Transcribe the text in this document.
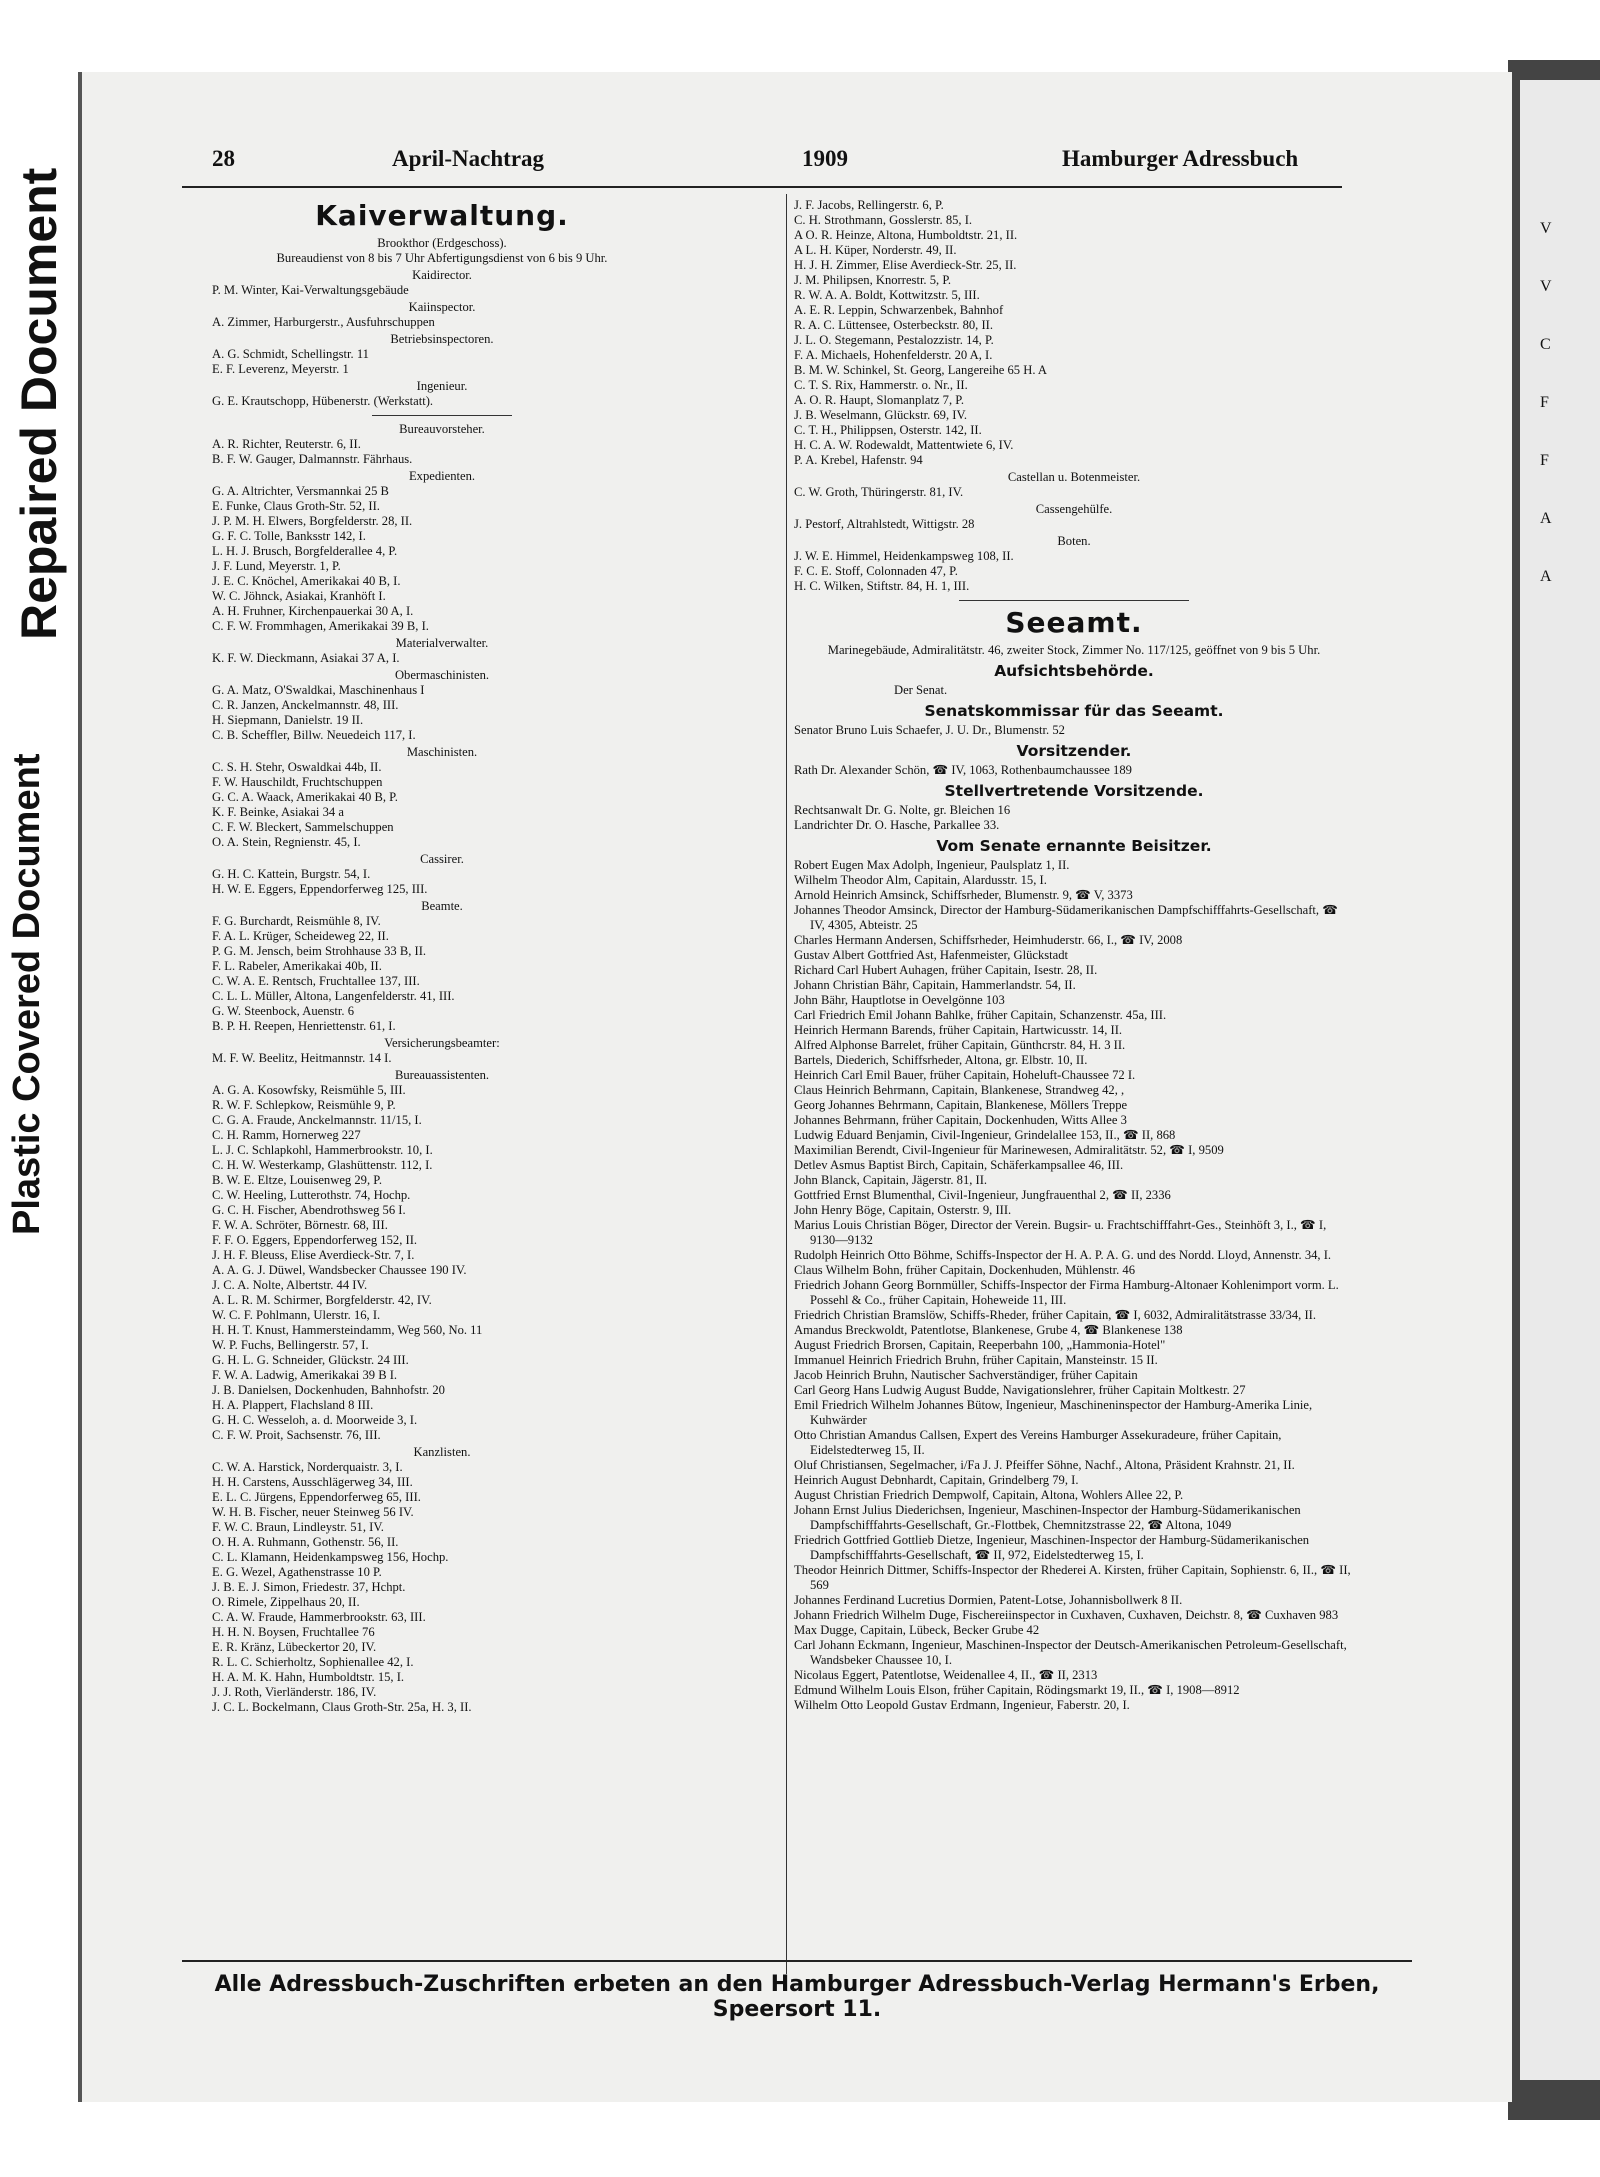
Repaired Document
Plastic Covered Document
V
V
C
F
F
A
A
28	April-Nachtrag	1909	Hamburger Adressbuch
Kaiverwaltung.
Brookthor (Erdgeschoss).
Bureaudienst von 8 bis 7 Uhr Abfertigungsdienst von 6 bis 9 Uhr.
Kaidirector.
P. M. Winter, Kai-Verwaltungsgebäude
Kaiinspector.
A. Zimmer, Harburgerstr., Ausfuhrschuppen
Betriebsinspectoren.
A. G. Schmidt, Schellingstr. 11
E. F. Leverenz, Meyerstr. 1
Ingenieur.
G. E. Krautschopp, Hübenerstr. (Werkstatt).
Bureauvorsteher.
A. R. Richter, Reuterstr. 6, II.
B. F. W. Gauger, Dalmannstr. Fährhaus.
Expedienten.
G. A. Altrichter, Versmannkai 25 B
E. Funke, Claus Groth-Str. 52, II.
J. P. M. H. Elwers, Borgfelderstr. 28, II.
G. F. C. Tolle, Banksstr 142, I.
L. H. J. Brusch, Borgfelderallee 4, P.
J. F. Lund, Meyerstr. 1, P.
J. E. C. Knöchel, Amerikakai 40 B, I.
W. C. Jöhnck, Asiakai, Kranhöft I.
A. H. Fruhner, Kirchenpauerkai 30 A, I.
C. F. W. Frommhagen, Amerikakai 39 B, I.
Materialverwalter.
K. F. W. Dieckmann, Asiakai 37 A, I.
Obermaschinisten.
G. A. Matz, O'Swaldkai, Maschinenhaus I
C. R. Janzen, Anckelmannstr. 48, III.
H. Siepmann, Danielstr. 19 II.
C. B. Scheffler, Billw. Neuedeich 117, I.
Maschinisten.
C. S. H. Stehr, Oswaldkai 44b, II.
F. W. Hauschildt, Fruchtschuppen
G. C. A. Waack, Amerikakai 40 B, P.
K. F. Beinke, Asiakai 34 a
C. F. W. Bleckert, Sammelschuppen
O. A. Stein, Regnienstr. 45, I.
Cassirer.
G. H. C. Kattein, Burgstr. 54, I.
H. W. E. Eggers, Eppendorferweg 125, III.
Beamte.
F. G. Burchardt, Reismühle 8, IV.
F. A. L. Krüger, Scheideweg 22, II.
P. G. M. Jensch, beim Strohhause 33 B, II.
F. L. Rabeler, Amerikakai 40b, II.
C. W. A. E. Rentsch, Fruchtallee 137, III.
C. L. L. Müller, Altona, Langenfelderstr. 41, III.
G. W. Steenbock, Auenstr. 6
B. P. H. Reepen, Henriettenstr. 61, I.
Versicherungsbeamter:
M. F. W. Beelitz, Heitmannstr. 14 I.
Bureauassistenten.
A. G. A. Kosowfsky, Reismühle 5, III.
R. W. F. Schlepkow, Reismühle 9, P.
C. G. A. Fraude, Anckelmannstr. 11/15, I.
C. H. Ramm, Hornerweg 227
L. J. C. Schlapkohl, Hammerbrookstr. 10, I.
C. H. W. Westerkamp, Glashüttenstr. 112, I.
B. W. E. Eltze, Louisenweg 29, P.
C. W. Heeling, Lutterothstr. 74, Hochp.
G. C. H. Fischer, Abendrothsweg 56 I.
F. W. A. Schröter, Börnestr. 68, III.
F. F. O. Eggers, Eppendorferweg 152, II.
J. H. F. Bleuss, Elise Averdieck-Str. 7, I.
A. A. G. J. Düwel, Wandsbecker Chaussee 190 IV.
J. C. A. Nolte, Albertstr. 44 IV.
A. L. R. M. Schirmer, Borgfelderstr. 42, IV.
W. C. F. Pohlmann, Ulerstr. 16, I.
H. H. T. Knust, Hammersteindamm, Weg 560, No. 11
W. P. Fuchs, Bellingerstr. 57, I.
G. H. L. G. Schneider, Glückstr. 24 III.
F. W. A. Ladwig, Amerikakai 39 B I.
J. B. Danielsen, Dockenhuden, Bahnhofstr. 20
H. A. Plappert, Flachsland 8 III.
G. H. C. Wesseloh, a. d. Moorweide 3, I.
C. F. W. Proit, Sachsenstr. 76, III.
Kanzlisten.
C. W. A. Harstick, Norderquaistr. 3, I.
H. H. Carstens, Ausschlägerweg 34, III.
E. L. C. Jürgens, Eppendorferweg 65, III.
W. H. B. Fischer, neuer Steinweg 56 IV.
F. W. C. Braun, Lindleystr. 51, IV.
O. H. A. Ruhmann, Gothenstr. 56, II.
C. L. Klamann, Heidenkampsweg 156, Hochp.
E. G. Wezel, Agathenstrasse 10 P.
J. B. E. J. Simon, Friedestr. 37, Hchpt.
O. Rimele, Zippelhaus 20, II.
C. A. W. Fraude, Hammerbrookstr. 63, III.
H. H. N. Boysen, Fruchtallee 76
E. R. Kränz, Lübeckertor 20, IV.
R. L. C. Schierholtz, Sophienallee 42, I.
H. A. M. K. Hahn, Humboldtstr. 15, I.
J. J. Roth, Vierländerstr. 186, IV.
J. C. L. Bockelmann, Claus Groth-Str. 25a, H. 3, II.
J. F. Jacobs, Rellingerstr. 6, P.
C. H. Strothmann, Gosslerstr. 85, I.
A O. R. Heinze, Altona, Humboldtstr. 21, II.
A L. H. Küper, Norderstr. 49, II.
H. J. H. Zimmer, Elise Averdieck-Str. 25, II.
J. M. Philipsen, Knorrestr. 5, P.
R. W. A. A. Boldt, Kottwitzstr. 5, III.
A. E. R. Leppin, Schwarzenbek, Bahnhof
R. A. C. Lüttensee, Osterbeckstr. 80, II.
J. L. O. Stegemann, Pestalozzistr. 14, P.
F. A. Michaels, Hohenfelderstr. 20 A, I.
B. M. W. Schinkel, St. Georg, Langereihe 65 H. A
C. T. S. Rix, Hammerstr. o. Nr., II.
A. O. R. Haupt, Slomanplatz 7, P.
J. B. Weselmann, Glückstr. 69, IV.
C. T. H., Philippsen, Osterstr. 142, II.
H. C. A. W. Rodewaldt, Mattentwiete 6, IV.
P. A. Krebel, Hafenstr. 94
Castellan u. Botenmeister.
C. W. Groth, Thüringerstr. 81, IV.
Cassengehülfe.
J. Pestorf, Altrahlstedt, Wittigstr. 28
Boten.
J. W. E. Himmel, Heidenkampsweg 108, II.
F. C. E. Stoff, Colonnaden 47, P.
H. C. Wilken, Stiftstr. 84, H. 1, III.
Seeamt.
Marinegebäude, Admiralitätstr. 46, zweiter Stock, Zimmer No. 117/125, geöffnet von 9 bis 5 Uhr.
Aufsichtsbehörde.
Der Senat.
Senatskommissar für das Seeamt.
Senator Bruno Luis Schaefer, J. U. Dr., Blumenstr. 52
Vorsitzender.
Rath Dr. Alexander Schön, ☎ IV, 1063, Rothenbaumchaussee 189
Stellvertretende Vorsitzende.
Rechtsanwalt Dr. G. Nolte, gr. Bleichen 16
Landrichter Dr. O. Hasche, Parkallee 33.
Vom Senate ernannte Beisitzer.
Robert Eugen Max Adolph, Ingenieur, Paulsplatz 1, II.
Wilhelm Theodor Alm, Capitain, Alardusstr. 15, I.
Arnold Heinrich Amsinck, Schiffsrheder, Blumenstr. 9, ☎ V, 3373
Johannes Theodor Amsinck, Director der Hamburg-Südamerikanischen Dampfschifffahrts-Gesellschaft, ☎ IV, 4305, Abteistr. 25
Charles Hermann Andersen, Schiffsrheder, Heimhuderstr. 66, I., ☎ IV, 2008
Gustav Albert Gottfried Ast, Hafenmeister, Glückstadt
Richard Carl Hubert Auhagen, früher Capitain, Isestr. 28, II.
Johann Christian Bähr, Capitain, Hammerlandstr. 54, II.
John Bähr, Hauptlotse in Oevelgönne 103
Carl Friedrich Emil Johann Bahlke, früher Capitain, Schanzenstr. 45a, III.
Heinrich Hermann Barends, früher Capitain, Hartwicusstr. 14, II.
Alfred Alphonse Barrelet, früher Capitain, Günthcrstr. 84, H. 3 II.
Bartels, Diederich, Schiffsrheder, Altona, gr. Elbstr. 10, II.
Heinrich Carl Emil Bauer, früher Capitain, Hoheluft-Chaussee 72 I.
Claus Heinrich Behrmann, Capitain, Blankenese, Strandweg 42, ,
Georg Johannes Behrmann, Capitain, Blankenese, Möllers Treppe
Johannes Behrmann, früher Capitain, Dockenhuden, Witts Allee 3
Ludwig Eduard Benjamin, Civil-Ingenieur, Grindelallee 153, II., ☎ II, 868
Maximilian Berendt, Civil-Ingenieur für Marinewesen, Admiralitätstr. 52, ☎ I, 9509
Detlev Asmus Baptist Birch, Capitain, Schäferkampsallee 46, III.
John Blanck, Capitain, Jägerstr. 81, II.
Gottfried Ernst Blumenthal, Civil-Ingenieur, Jungfrauenthal 2, ☎ II, 2336
John Henry Böge, Capitain, Osterstr. 9, III.
Marius Louis Christian Böger, Director der Verein. Bugsir- u. Frachtschifffahrt-Ges., Steinhöft 3, I., ☎ I, 9130—9132
Rudolph Heinrich Otto Böhme, Schiffs-Inspector der H. A. P. A. G. und des Nordd. Lloyd, Annenstr. 34, I.
Claus Wilhelm Bohn, früher Capitain, Dockenhuden, Mühlenstr. 46
Friedrich Johann Georg Bornmüller, Schiffs-Inspector der Firma Hamburg-Altonaer Kohlenimport vorm. L. Possehl & Co., früher Capitain, Hoheweide 11, III.
Friedrich Christian Bramslöw, Schiffs-Rheder, früher Capitain, ☎ I, 6032, Admiralitätstrasse 33/34, II.
Amandus Breckwoldt, Patentlotse, Blankenese, Grube 4, ☎ Blankenese 138
August Friedrich Brorsen, Capitain, Reeperbahn 100, „Hammonia-Hotel"
Immanuel Heinrich Friedrich Bruhn, früher Capitain, Mansteinstr. 15 II.
Jacob Heinrich Bruhn, Nautischer Sachverständiger, früher Capitain
Carl Georg Hans Ludwig August Budde, Navigationslehrer, früher Capitain Moltkestr. 27
Emil Friedrich Wilhelm Johannes Bütow, Ingenieur, Maschineninspector der Hamburg-Amerika Linie, Kuhwärder
Otto Christian Amandus Callsen, Expert des Vereins Hamburger Assekuradeure, früher Capitain, Eidelstedterweg 15, II.
Oluf Christiansen, Segelmacher, i/Fa J. J. Pfeiffer Söhne, Nachf., Altona, Präsident Krahnstr. 21, II.
Heinrich August Debnhardt, Capitain, Grindelberg 79, I.
August Christian Friedrich Dempwolf, Capitain, Altona, Wohlers Allee 22, P.
Johann Ernst Julius Diederichsen, Ingenieur, Maschinen-Inspector der Hamburg-Südamerikanischen Dampfschifffahrts-Gesellschaft, Gr.-Flottbek, Chemnitzstrasse 22, ☎ Altona, 1049
Friedrich Gottfried Gottlieb Dietze, Ingenieur, Maschinen-Inspector der Hamburg-Südamerikanischen Dampfschifffahrts-Gesellschaft, ☎ II, 972, Eidelstedterweg 15, I.
Theodor Heinrich Dittmer, Schiffs-Inspector der Rhederei A. Kirsten, früher Capitain, Sophienstr. 6, II., ☎ II, 569
Johannes Ferdinand Lucretius Dormien, Patent-Lotse, Johannisbollwerk 8 II.
Johann Friedrich Wilhelm Duge, Fischereiinspector in Cuxhaven, Cuxhaven, Deichstr. 8, ☎ Cuxhaven 983
Max Dugge, Capitain, Lübeck, Becker Grube 42
Carl Johann Eckmann, Ingenieur, Maschinen-Inspector der Deutsch-Amerikanischen Petroleum-Gesellschaft, Wandsbeker Chaussee 10, I.
Nicolaus Eggert, Patentlotse, Weidenallee 4, II., ☎ II, 2313
Edmund Wilhelm Louis Elson, früher Capitain, Rödingsmarkt 19, II., ☎ I, 1908—8912
Wilhelm Otto Leopold Gustav Erdmann, Ingenieur, Faberstr. 20, I.
Alle Adressbuch-Zuschriften erbeten an den Hamburger Adressbuch-Verlag Hermann's Erben, Speersort 11.
